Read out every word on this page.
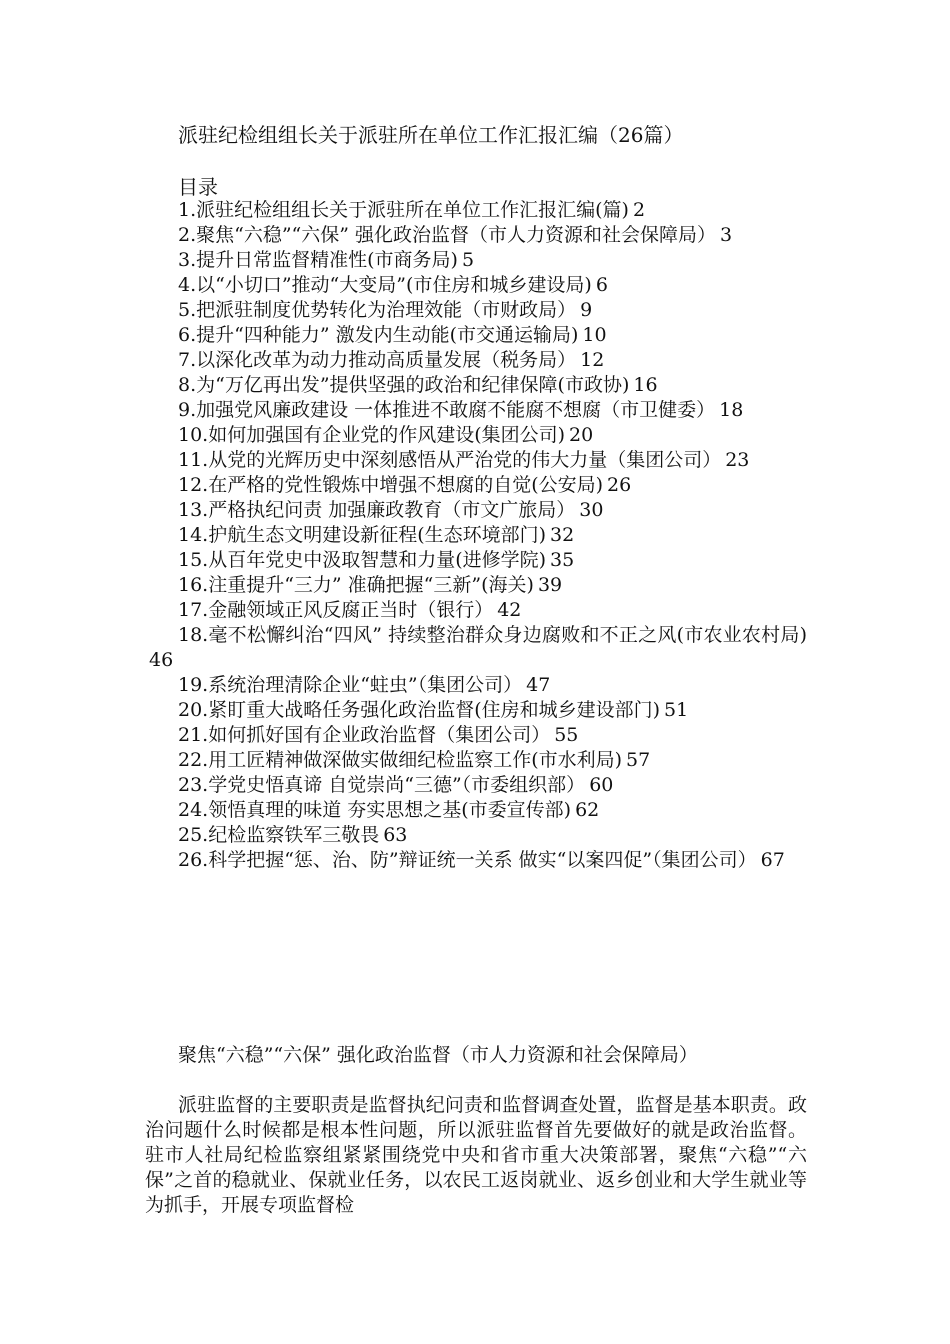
派驻纪检组组长关于派驻所在单位工作汇报汇编（26篇）
目录
1.派驻纪检组组长关于派驻所在单位工作汇报汇编(篇) 2
2.聚焦“六稳”“六保” 强化政治监督（市人力资源和社会保障局） 3
3.提升日常监督精准性(市商务局) 5
4.以“小切口”推动“大变局”(市住房和城乡建设局) 6
5.把派驻制度优势转化为治理效能（市财政局） 9
6.提升“四种能力” 激发内生动能(市交通运输局) 10
7.以深化改革为动力推动高质量发展（税务局） 12
8.为“万亿再出发”提供坚强的政治和纪律保障(市政协) 16
9.加强党风廉政建设 一体推进不敢腐不能腐不想腐（市卫健委） 18
10.如何加强国有企业党的作风建设(集团公司) 20
11.从党的光辉历史中深刻感悟从严治党的伟大力量（集团公司） 23
12.在严格的党性锻炼中增强不想腐的自觉(公安局) 26
13.严格执纪问责 加强廉政教育（市文广旅局） 30
14.护航生态文明建设新征程(生态环境部门) 32
15.从百年党史中汲取智慧和力量(进修学院) 35
16.注重提升“三力” 准确把握“三新”(海关) 39
17.金融领域正风反腐正当时（银行） 42
18.毫不松懈纠治“四风” 持续整治群众身边腐败和不正之风(市农业农村局)46
19.系统治理清除企业“蛀虫”（集团公司） 47
20.紧盯重大战略任务强化政治监督(住房和城乡建设部门) 51
21.如何抓好国有企业政治监督（集团公司） 55
22.用工匠精神做深做实做细纪检监察工作(市水利局) 57
23.学党史悟真谛 自觉崇尚“三德”（市委组织部） 60
24.领悟真理的味道 夯实思想之基(市委宣传部) 62
25.纪检监察铁军三敬畏 63
26.科学把握“惩、治、防”辩证统一关系 做实“以案四促”（集团公司） 67
聚焦“六稳”“六保” 强化政治监督（市人力资源和社会保障局）

派驻监督的主要职责是监督执纪问责和监督调查处置，监督是基本职责。政治问题什么时候都是根本性问题，所以派驻监督首先要做好的就是政治监督。驻市人社局纪检监察组紧紧围绕党中央和省市重大决策部署，聚焦“六稳”“六保”之首的稳就业、保就业任务，以农民工返岗就业、返乡创业和大学生就业等为抓手，开展专项监督检
